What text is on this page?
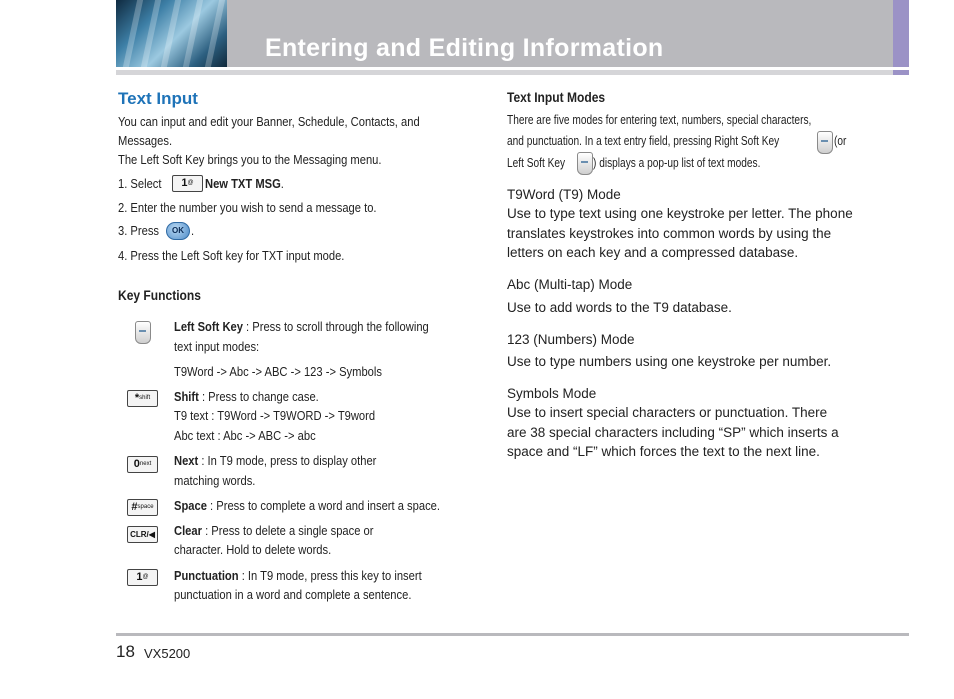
Entering and Editing Information
Text Input
You can input and edit your Banner, Schedule, Contacts, and
Messages.
The Left Soft Key brings you to the Messaging menu.
1. Select	1@ New TXT MSG.
2. Enter the number you wish to send a message to.
3. Press	OK .
4. Press the Left Soft key for TXT input mode.
Key Functions
Left Soft Key : Press to scroll through the following
text input modes:
T9Word -> Abc -> ABC -> 123 -> Symbols
*$^{shift}$	Shift : Press to change case.
T9 text : T9Word -> T9WORD -> T9word
Abc text : Abc -> ABC -> abc
$0^{next}$	Next : In T9 mode, press to display other
matching words.
#$^{space}$	Space : Press to complete a word and insert a space.
CLR/◀ Clear : Press to delete a single space or
character. Hold to delete words.
1@	Punctuation : In T9 mode, press this key to insert
punctuation in a word and complete a sentence.
Text Input Modes
There are five modes for entering text, numbers, special characters,
and punctuation. In a text entry field, pressing Right Soft Key	(or
Left Soft Key ) displays a pop-up list of text modes.
T9Word (T9) Mode
Use to type text using one keystroke per letter. The phone
translates keystrokes into common words by using the
letters on each key and a compressed database.
Abc (Multi-tap) Mode
Use to add words to the T9 database.
123 (Numbers) Mode
Use to type numbers using one keystroke per number.
Symbols Mode
Use to insert special characters or punctuation. There
are 38 special characters including “SP” which inserts a
space and “LF” which forces the text to the next line.
18 VX5200
